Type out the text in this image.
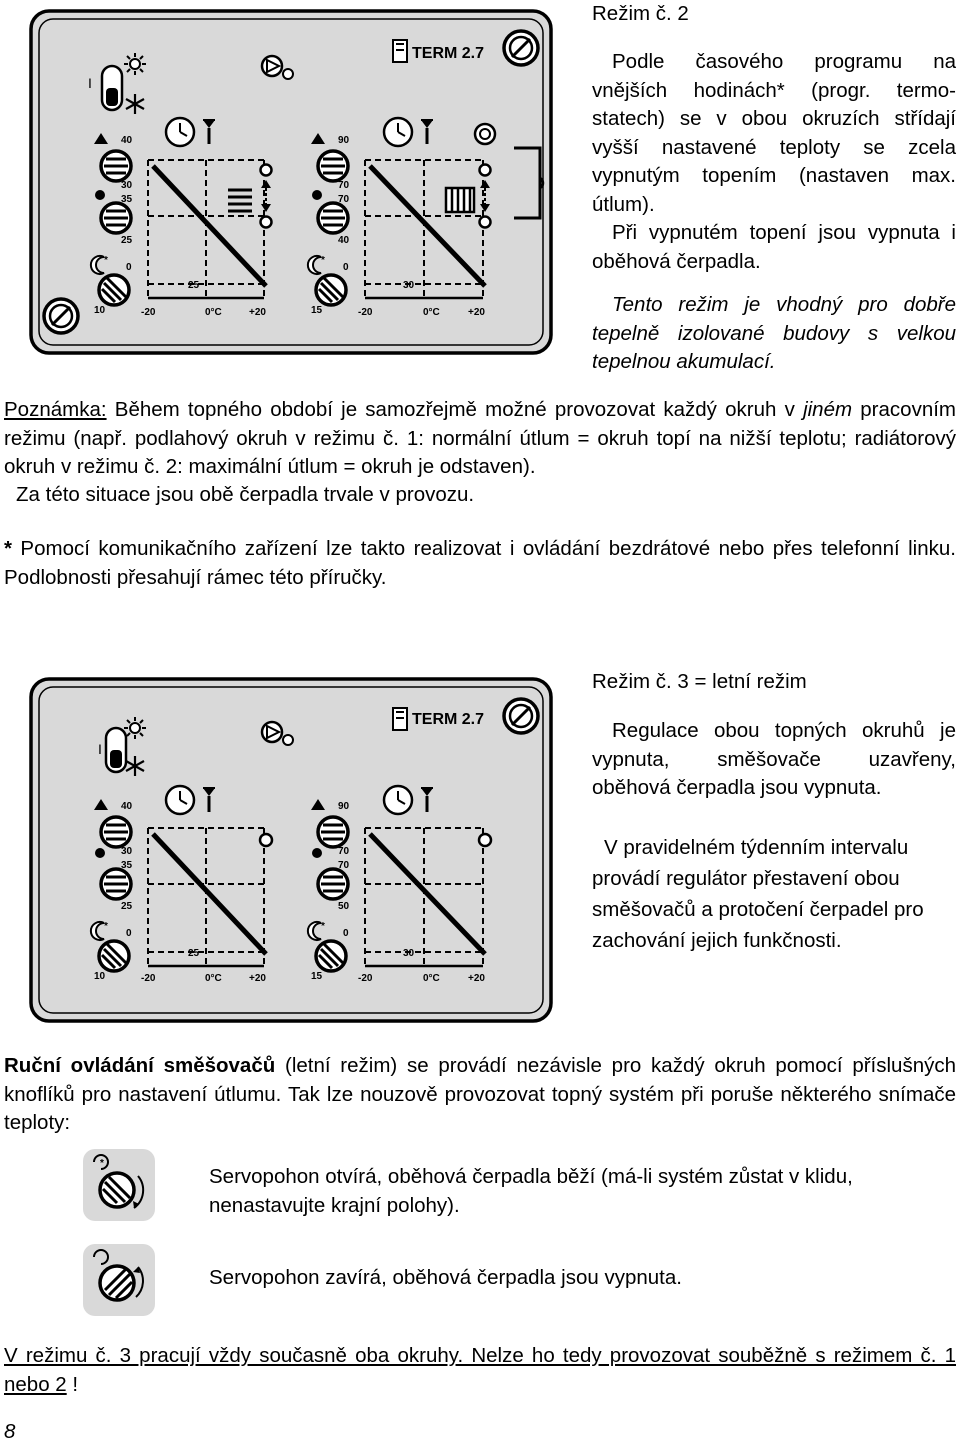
TERM 2.7
I
40
30
35
25
0
10
25
-20	0°C	+20
90
70
70
40
0
15
30
-20	0°C	+20
TERM 2.7
I
40
30
35
25
0
10
25
-20	0°C	+20
90
70
70
50
0
15
30
-20	0°C	+20

Režim č. 2

Podle časového programu na vnějších hodinách* (progr. termo-statech) se v obou okruzích střídají vyšší nastavené teploty se zcela vypnutým topením (nastaven max. útlum).

Při vypnutém topení jsou vypnuta i oběhová čerpadla.

Tento režim je vhodný pro dobře tepelně izolované budovy s velkou tepelnou akumulací.

Poznámka: Během topného období je samozřejmě možné provozovat každý okruh v jiném pracovním režimu (např. podlahový okruh v režimu č. 1: normální útlum = okruh topí na nižší teplotu; radiátorový okruh v režimu č. 2: maximální útlum = okruh je odstaven).

Za této situace jsou obě čerpadla trvale v provozu.

* Pomocí komunikačního zařízení lze takto realizovat i ovládání bezdrátové nebo přes telefonní linku. Podlobnosti přesahují rámec této příručky.

Režim č. 3 = letní režim

Regulace obou topných okruhů je vypnuta, směšovače uzavřeny, oběhová čerpadla jsou vypnuta.

V pravidelném týdenním intervalu provádí regulátor přestavení obou směšovačů a protočení čerpadel pro zachování jejich funkčnosti.

Ruční ovládání směšovačů (letní režim) se provádí nezávisle pro každý okruh pomocí příslušných knoflíků pro nastavení útlumu. Tak lze nouzově provozovat topný systém při poruše některého snímače teploty:

*

Servopohon otvírá, oběhová čerpadla běží (má-li systém zůstat v klidu, nenastavujte krajní polohy).

Servopohon zavírá, oběhová čerpadla jsou vypnuta.

V režimu č. 3 pracují vždy současně oba okruhy. Nelze ho tedy provozovat souběžně s režimem č. 1 nebo 2 !

8
